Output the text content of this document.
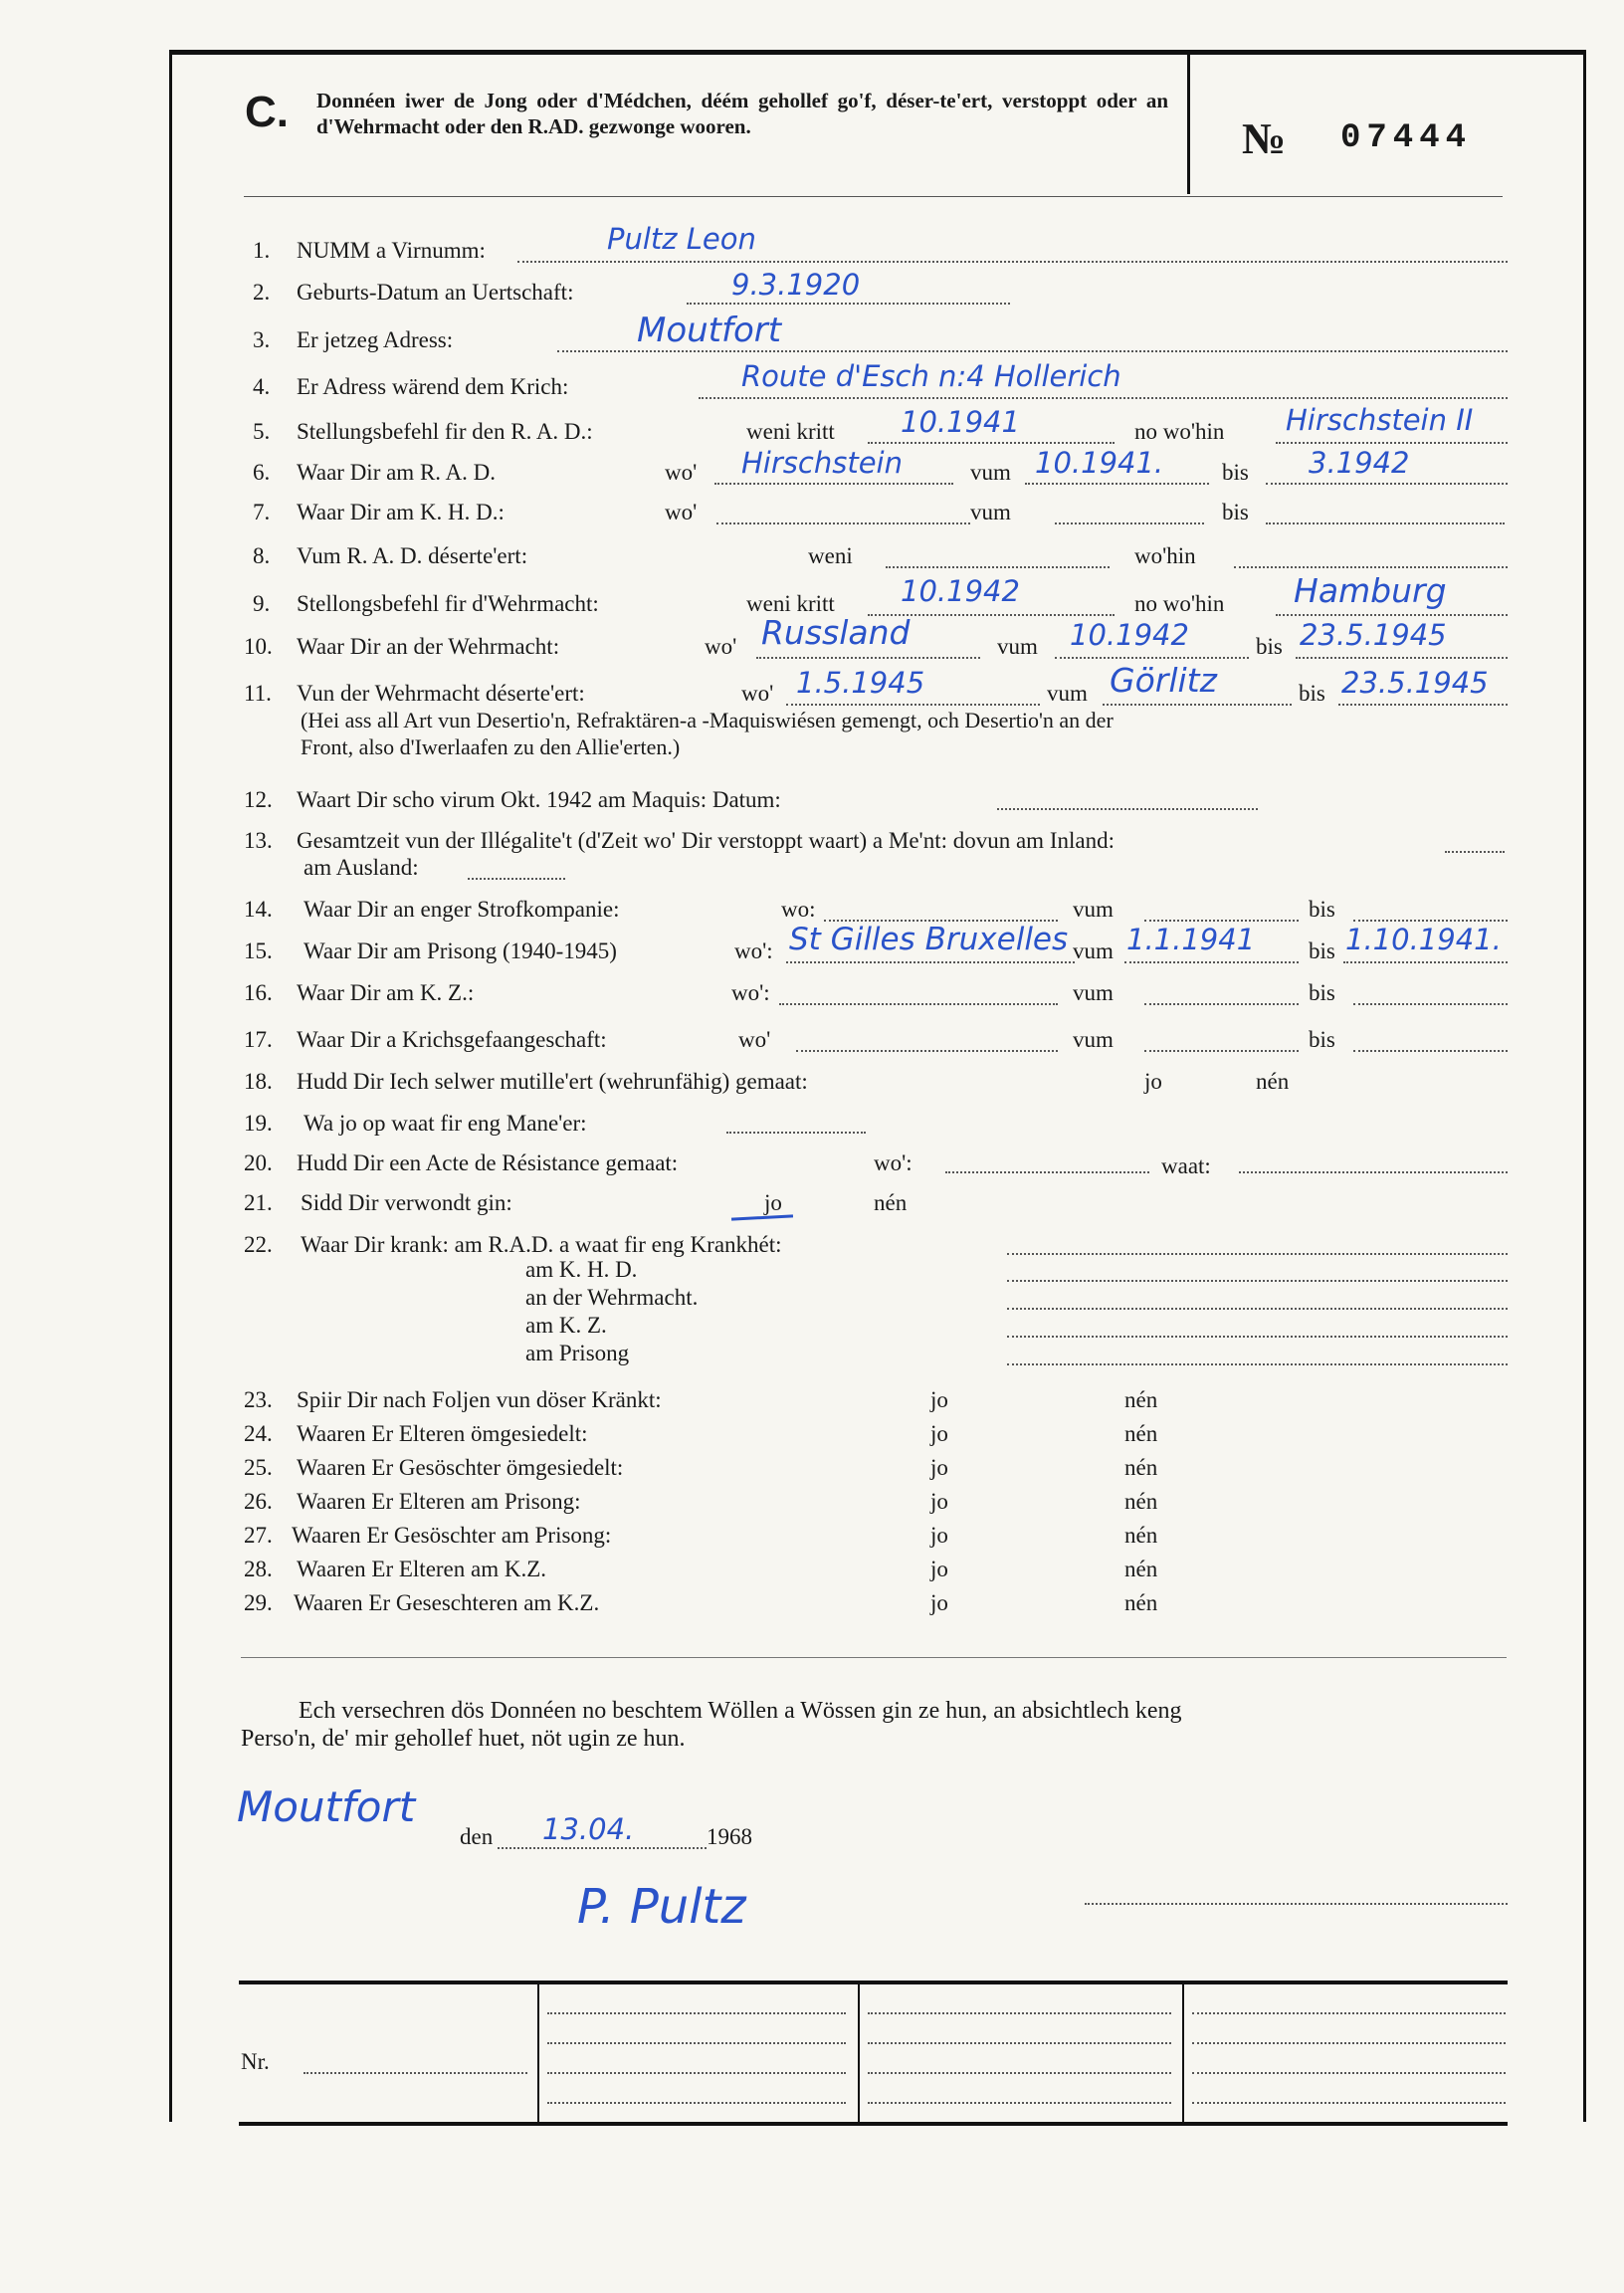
C. Donnéen iwer de Jong oder d'Médchen, déém gehollef go'f, déser-te'ert, verstoppt oder an d'Wehrmacht oder den R.AD. gezwonge wooren.	№ 07444
1. NUMM a Virnumm:	Pultz Leon
2. Geburts-Datum an Uertschaft:	9.3.1920
3. Er jetzeg Adress:	Moutfort
4. Er Adress wärend dem Krich:	Route d'Esch n:4 Hollerich
5. Stellungsbefehl fir den R. A. D.:	weni kritt 10.1941	no wo'hin Hirschstein II
6. Waar Dir am R. A. D.	wo' Hirschstein	vum 10.1941.	bis 3.1942
7. Waar Dir am K. H. D.:	wo'	vum	bis
8. Vum R. A. D. déserte'ert:	weni	wo'hin
9. Stellongsbefehl fir d'Wehrmacht:	weni kritt 10.1942	no wo'hin Hamburg
10. Waar Dir an der Wehrmacht:	wo' Russland	vum 10.1942	bis 23.5.1945
11. Vun der Wehrmacht déserte'ert:	wo' 1.5.1945	vum Görlitz	bis 23.5.1945
(Hei ass all Art vun Desertio'n, Refraktären-a -Maquiswiésen gemengt, och Desertio'n an der
Front, also d'Iwerlaafen zu den Allie'erten.)
12. Waart Dir scho virum Okt. 1942 am Maquis: Datum:
13. Gesamtzeit vun der Illégalite't (d'Zeit wo' Dir verstoppt waart) a Me'nt: dovun am Inland:
am Ausland:
14. Waar Dir an enger Strofkompanie:	wo:	vum	bis
15. Waar Dir am Prisong (1940-1945)	wo': St Gilles Bruxelles vum 1.1.1941 bis 1.10.1941.
16. Waar Dir am K. Z.:	wo':	vum	bis
17. Waar Dir a Krichsgefaangeschaft:	wo'	vum	bis
18. Hudd Dir Iech selwer mutille'ert (wehrunfähig) gemaat:	jo	nén
19. Wa jo op waat fir eng Mane'er:
20. Hudd Dir een Acte de Résistance gemaat:	wo':	waat:
21. Sidd Dir verwondt gin:	jo	nén
22. Waar Dir krank: am R.A.D. a waat fir eng Krankhét:
am K. H. D.
an der Wehrmacht.
am K. Z.
am Prisong
23. Spiir Dir nach Foljen vun döser Kränkt:	jo	nén
24. Waaren Er Elteren ömgesiedelt:	jo	nén
25. Waaren Er Gesöschter ömgesiedelt:	jo	nén
26. Waaren Er Elteren am Prisong:	jo	nén
27. Waaren Er Gesöschter am Prisong:	jo	nén
28. Waaren Er Elteren am K.Z.	jo	nén
29. Waaren Er Geseschteren am K.Z.	jo	nén
Ech versechren dös Donnéen no beschtem Wöllen a Wössen gin ze hun, an absichtlech keng
Perso'n, de' mir gehollef huet, nöt ugin ze hun.
Moutfort
den 13.04.	1968
P. Pultz
Nr.
